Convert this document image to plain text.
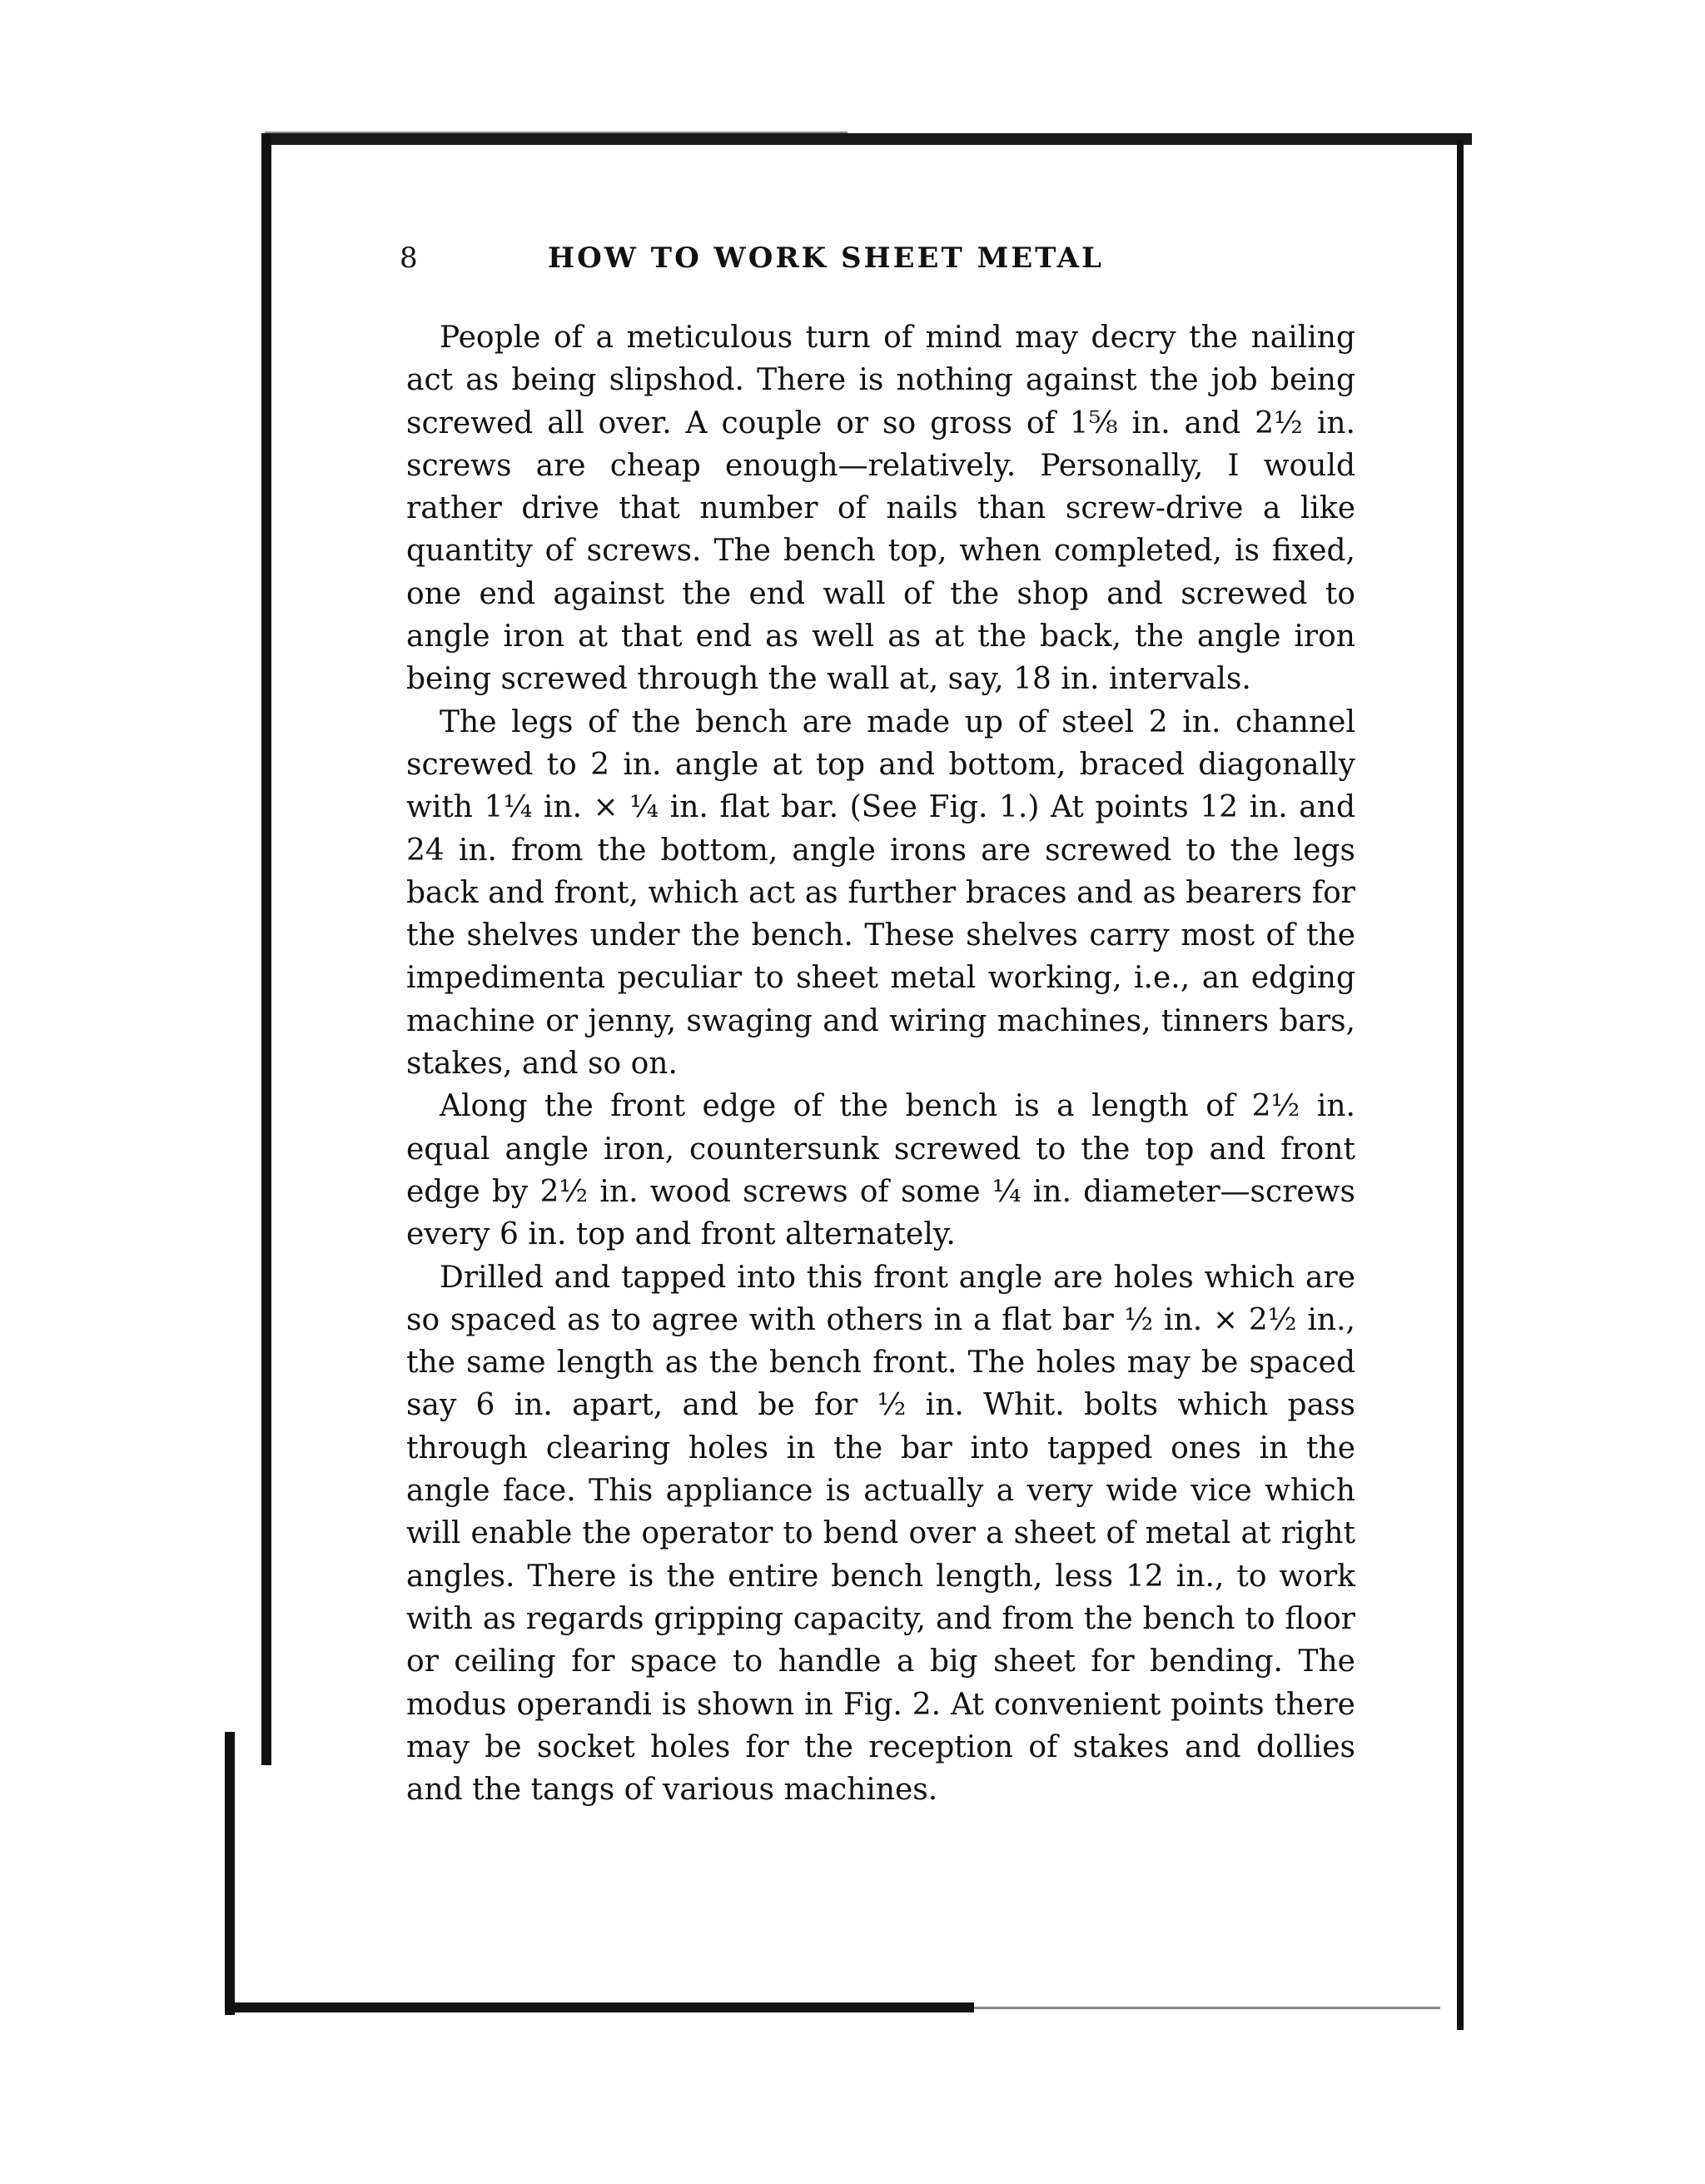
8	HOW TO WORK SHEET METAL

People of a meticulous turn of mind may decry the nailing act as being slipshod. There is nothing against the job being screwed all over. A couple or so gross of 1⅝ in. and 2½ in. screws are cheap enough—relatively. Personally, I would rather drive that number of nails than screw-drive a like quantity of screws. The bench top, when completed, is fixed, one end against the end wall of the shop and screwed to angle iron at that end as well as at the back, the angle iron being screwed through the wall at, say, 18 in. intervals.

The legs of the bench are made up of steel 2 in. channel screwed to 2 in. angle at top and bottom, braced diagonally with 1¼ in. × ¼ in. flat bar. (See Fig. 1.) At points 12 in. and 24 in. from the bottom, angle irons are screwed to the legs back and front, which act as further braces and as bearers for the shelves under the bench. These shelves carry most of the impedimenta peculiar to sheet metal working, i.e., an edging machine or jenny, swaging and wiring machines, tinners bars, stakes, and so on.

Along the front edge of the bench is a length of 2½ in. equal angle iron, countersunk screwed to the top and front edge by 2½ in. wood screws of some ¼ in. diameter—screws every 6 in. top and front alternately.

Drilled and tapped into this front angle are holes which are so spaced as to agree with others in a flat bar ½ in. × 2½ in., the same length as the bench front. The holes may be spaced say 6 in. apart, and be for ½ in. Whit. bolts which pass through clearing holes in the bar into tapped ones in the angle face. This appliance is actually a very wide vice which will enable the operator to bend over a sheet of metal at right angles. There is the entire bench length, less 12 in., to work with as regards gripping capacity, and from the bench to floor or ceiling for space to handle a big sheet for bending. The modus operandi is shown in Fig. 2. At convenient points there may be socket holes for the reception of stakes and dollies and the tangs of various machines.
